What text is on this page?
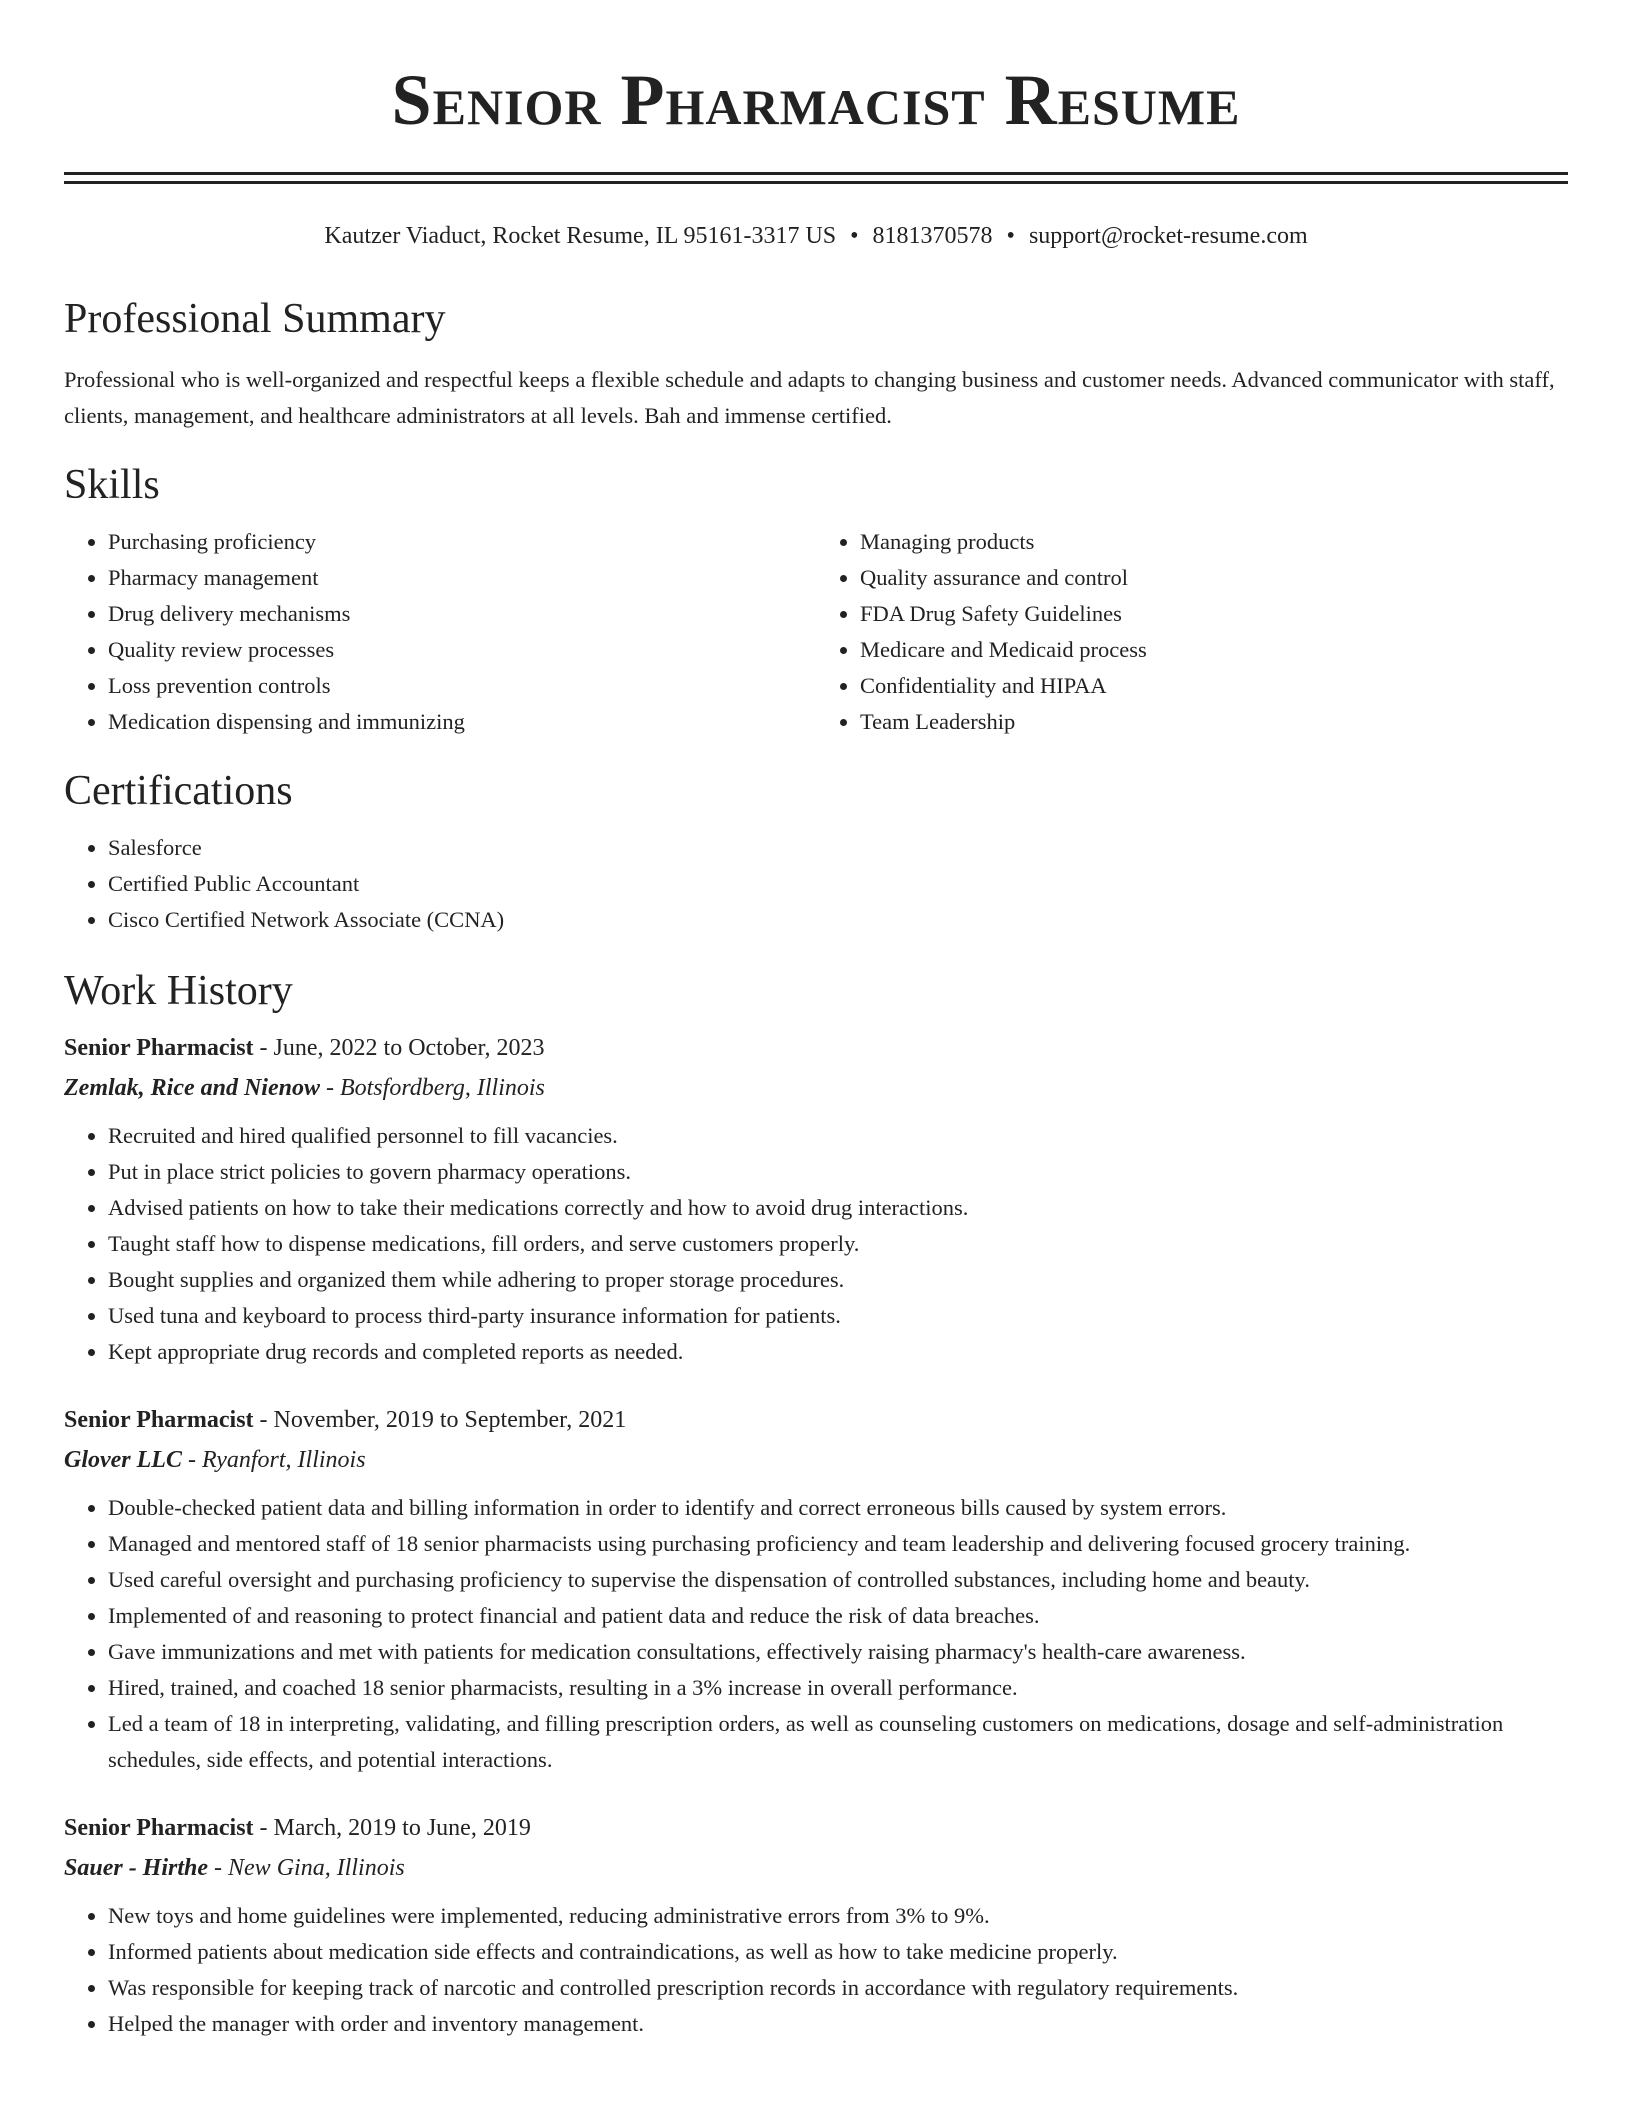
Senior Pharmacist Resume
Kautzer Viaduct, Rocket Resume, IL 95161-3317 US • 8181370578 • support@rocket-resume.com
Professional Summary

Professional who is well-organized and respectful keeps a flexible schedule and adapts to changing business and customer needs. Advanced communicator with staff, clients, management, and healthcare administrators at all levels. Bah and immense certified.

Skills
• Purchasing proficiency
• Pharmacy management
• Drug delivery mechanisms
• Quality review processes
• Loss prevention controls
• Medication dispensing and immunizing
• Managing products
• Quality assurance and control
• FDA Drug Safety Guidelines
• Medicare and Medicaid process
• Confidentiality and HIPAA
• Team Leadership
Certifications
• Salesforce
• Certified Public Accountant
• Cisco Certified Network Associate (CCNA)
Work History
Senior Pharmacist - June, 2022 to October, 2023
Zemlak, Rice and Nienow - Botsfordberg, Illinois
• Recruited and hired qualified personnel to fill vacancies.
• Put in place strict policies to govern pharmacy operations.
• Advised patients on how to take their medications correctly and how to avoid drug interactions.
• Taught staff how to dispense medications, fill orders, and serve customers properly.
• Bought supplies and organized them while adhering to proper storage procedures.
• Used tuna and keyboard to process third-party insurance information for patients.
• Kept appropriate drug records and completed reports as needed.
Senior Pharmacist - November, 2019 to September, 2021
Glover LLC - Ryanfort, Illinois
• Double-checked patient data and billing information in order to identify and correct erroneous bills caused by system errors.
• Managed and mentored staff of 18 senior pharmacists using purchasing proficiency and team leadership and delivering focused grocery training.
• Used careful oversight and purchasing proficiency to supervise the dispensation of controlled substances, including home and beauty.
• Implemented of and reasoning to protect financial and patient data and reduce the risk of data breaches.
• Gave immunizations and met with patients for medication consultations, effectively raising pharmacy's health-care awareness.
• Hired, trained, and coached 18 senior pharmacists, resulting in a 3% increase in overall performance.
• Led a team of 18 in interpreting, validating, and filling prescription orders, as well as counseling customers on medications, dosage and self-administration schedules, side effects, and potential interactions.
Senior Pharmacist - March, 2019 to June, 2019
Sauer - Hirthe - New Gina, Illinois
• New toys and home guidelines were implemented, reducing administrative errors from 3% to 9%.
• Informed patients about medication side effects and contraindications, as well as how to take medicine properly.
• Was responsible for keeping track of narcotic and controlled prescription records in accordance with regulatory requirements.
• Helped the manager with order and inventory management.
